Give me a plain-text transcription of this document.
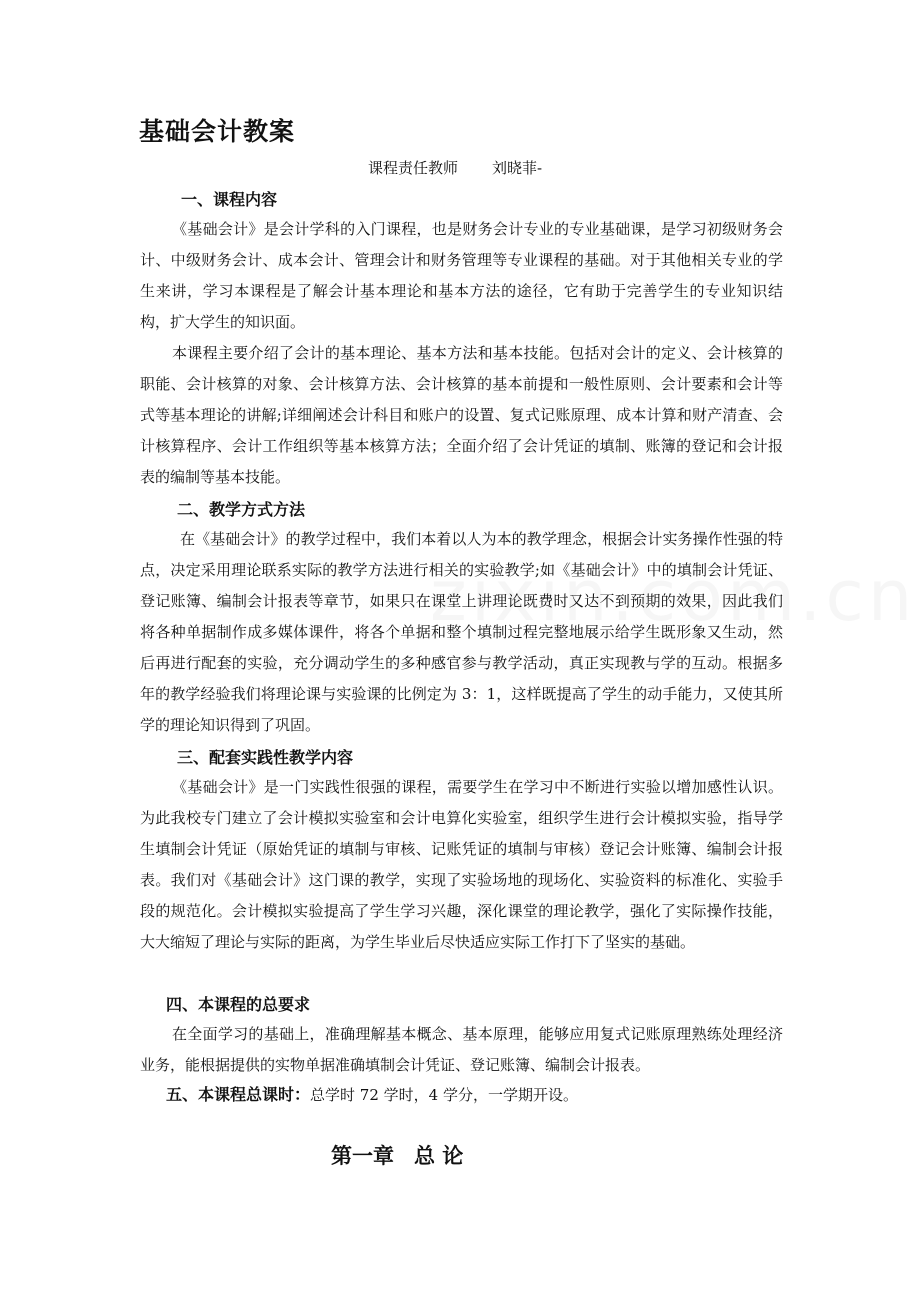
基础会计教案
课程责任教师 刘晓菲-
一、课程内容

《基础会计》是会计学科的入门课程，也是财务会计专业的专业基础课，是学习初级财务会计、中级财务会计、成本会计、管理会计和财务管理等专业课程的基础。对于其他相关专业的学生来讲，学习本课程是了解会计基本理论和基本方法的途径，它有助于完善学生的专业知识结构，扩大学生的知识面。

本课程主要介绍了会计的基本理论、基本方法和基本技能。包括对会计的定义、会计核算的职能、会计核算的对象、会计核算方法、会计核算的基本前提和一般性原则、会计要素和会计等式等基本理论的讲解;详细阐述会计科目和账户的设置、复式记账原理、成本计算和财产清查、会计核算程序、会计工作组织等基本核算方法；全面介绍了会计凭证的填制、账簿的登记和会计报表的编制等基本技能。

二、教学方式方法

在《基础会计》的教学过程中，我们本着以人为本的教学理念，根据会计实务操作性强的特点，决定采用理论联系实际的教学方法进行相关的实验教学;如《基础会计》中的填制会计凭证、登记账簿、编制会计报表等章节，如果只在课堂上讲理论既费时又达不到预期的效果，因此我们将各种单据制作成多媒体课件，将各个单据和整个填制过程完整地展示给学生既形象又生动，然后再进行配套的实验，充分调动学生的多种感官参与教学活动，真正实现教与学的互动。根据多年的教学经验我们将理论课与实验课的比例定为 3：1，这样既提高了学生的动手能力，又使其所学的理论知识得到了巩固。

三、配套实践性教学内容

《基础会计》是一门实践性很强的课程，需要学生在学习中不断进行实验以增加感性认识。为此我校专门建立了会计模拟实验室和会计电算化实验室，组织学生进行会计模拟实验，指导学生填制会计凭证（原始凭证的填制与审核、记账凭证的填制与审核）登记会计账簿、编制会计报表。我们对《基础会计》这门课的教学，实现了实验场地的现场化、实验资料的标准化、实验手段的规范化。会计模拟实验提高了学生学习兴趣，深化课堂的理论教学，强化了实际操作技能，大大缩短了理论与实际的距离，为学生毕业后尽快适应实际工作打下了坚实的基础。

四、本课程的总要求

在全面学习的基础上，准确理解基本概念、基本原理，能够应用复式记账原理熟练处理经济业务，能根据提供的实物单据准确填制会计凭证、登记账簿、编制会计报表。

五、本课程总课时：总学时 72 学时，4 学分，一学期开设。
第一章 总 论
